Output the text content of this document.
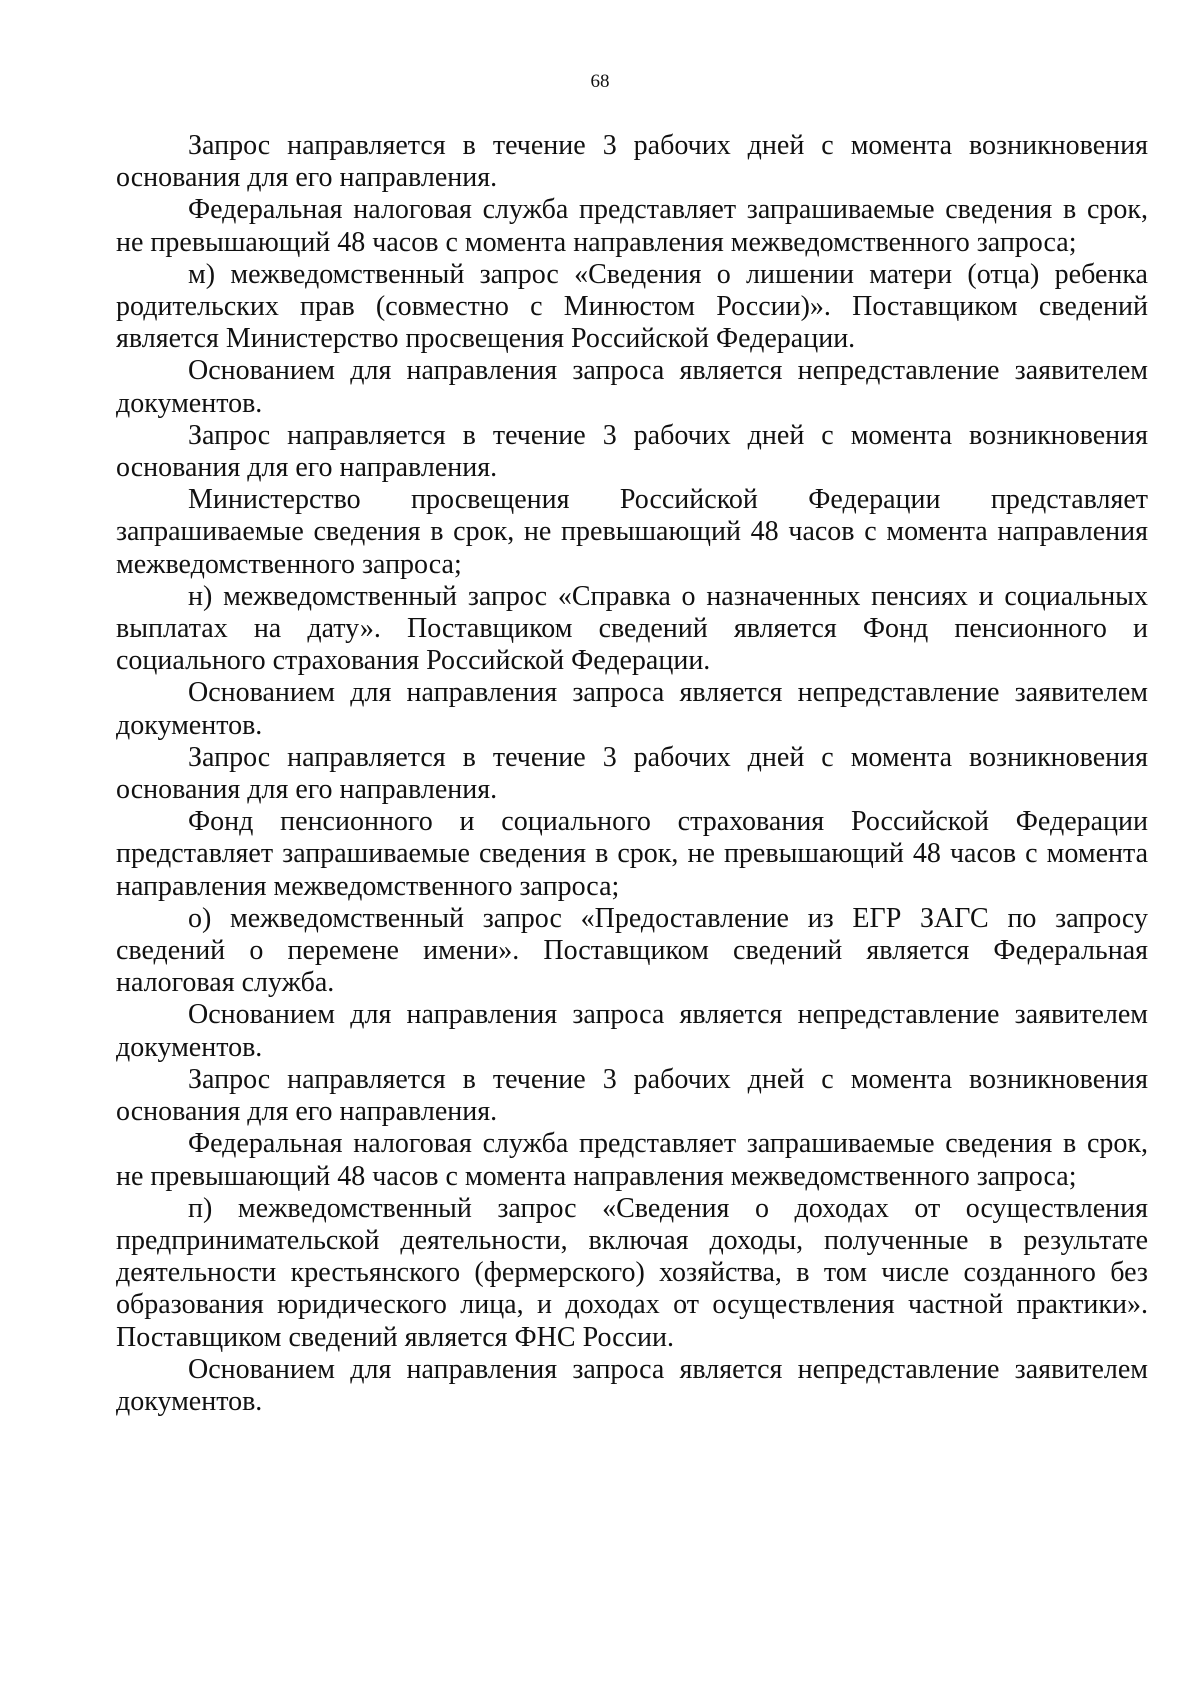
68

Запрос направляется в течение 3 рабочих дней с момента возникновения основания для его направления.

Федеральная налоговая служба представляет запрашиваемые сведения в срок, не превышающий 48 часов с момента направления межведомственного запроса;

м) межведомственный запрос «Сведения о лишении матери (отца) ребенка родительских прав (совместно с Минюстом России)». Поставщиком сведений является Министерство просвещения Российской Федерации.

Основанием для направления запроса является непредставление заявителем документов.

Запрос направляется в течение 3 рабочих дней с момента возникновения основания для его направления.

Министерство просвещения Российской Федерации представляет запрашиваемые сведения в срок, не превышающий 48 часов с момента направления межведомственного запроса;

н) межведомственный запрос «Справка о назначенных пенсиях и социальных выплатах на дату». Поставщиком сведений является Фонд пенсионного и социального страхования Российской Федерации.

Основанием для направления запроса является непредставление заявителем документов.

Запрос направляется в течение 3 рабочих дней с момента возникновения основания для его направления.

Фонд пенсионного и социального страхования Российской Федерации представляет запрашиваемые сведения в срок, не превышающий 48 часов с момента направления межведомственного запроса;

о) межведомственный запрос «Предоставление из ЕГР ЗАГС по запросу сведений о перемене имени». Поставщиком сведений является Федеральная налоговая служба.

Основанием для направления запроса является непредставление заявителем документов.

Запрос направляется в течение 3 рабочих дней с момента возникновения основания для его направления.

Федеральная налоговая служба представляет запрашиваемые сведения в срок, не превышающий 48 часов с момента направления межведомственного запроса;

п) межведомственный запрос «Сведения о доходах от осуществления предпринимательской деятельности, включая доходы, полученные в результате деятельности крестьянского (фермерского) хозяйства, в том числе созданного без образования юридического лица, и доходах от осуществления частной практики». Поставщиком сведений является ФНС России.

Основанием для направления запроса является непредставление заявителем документов.
